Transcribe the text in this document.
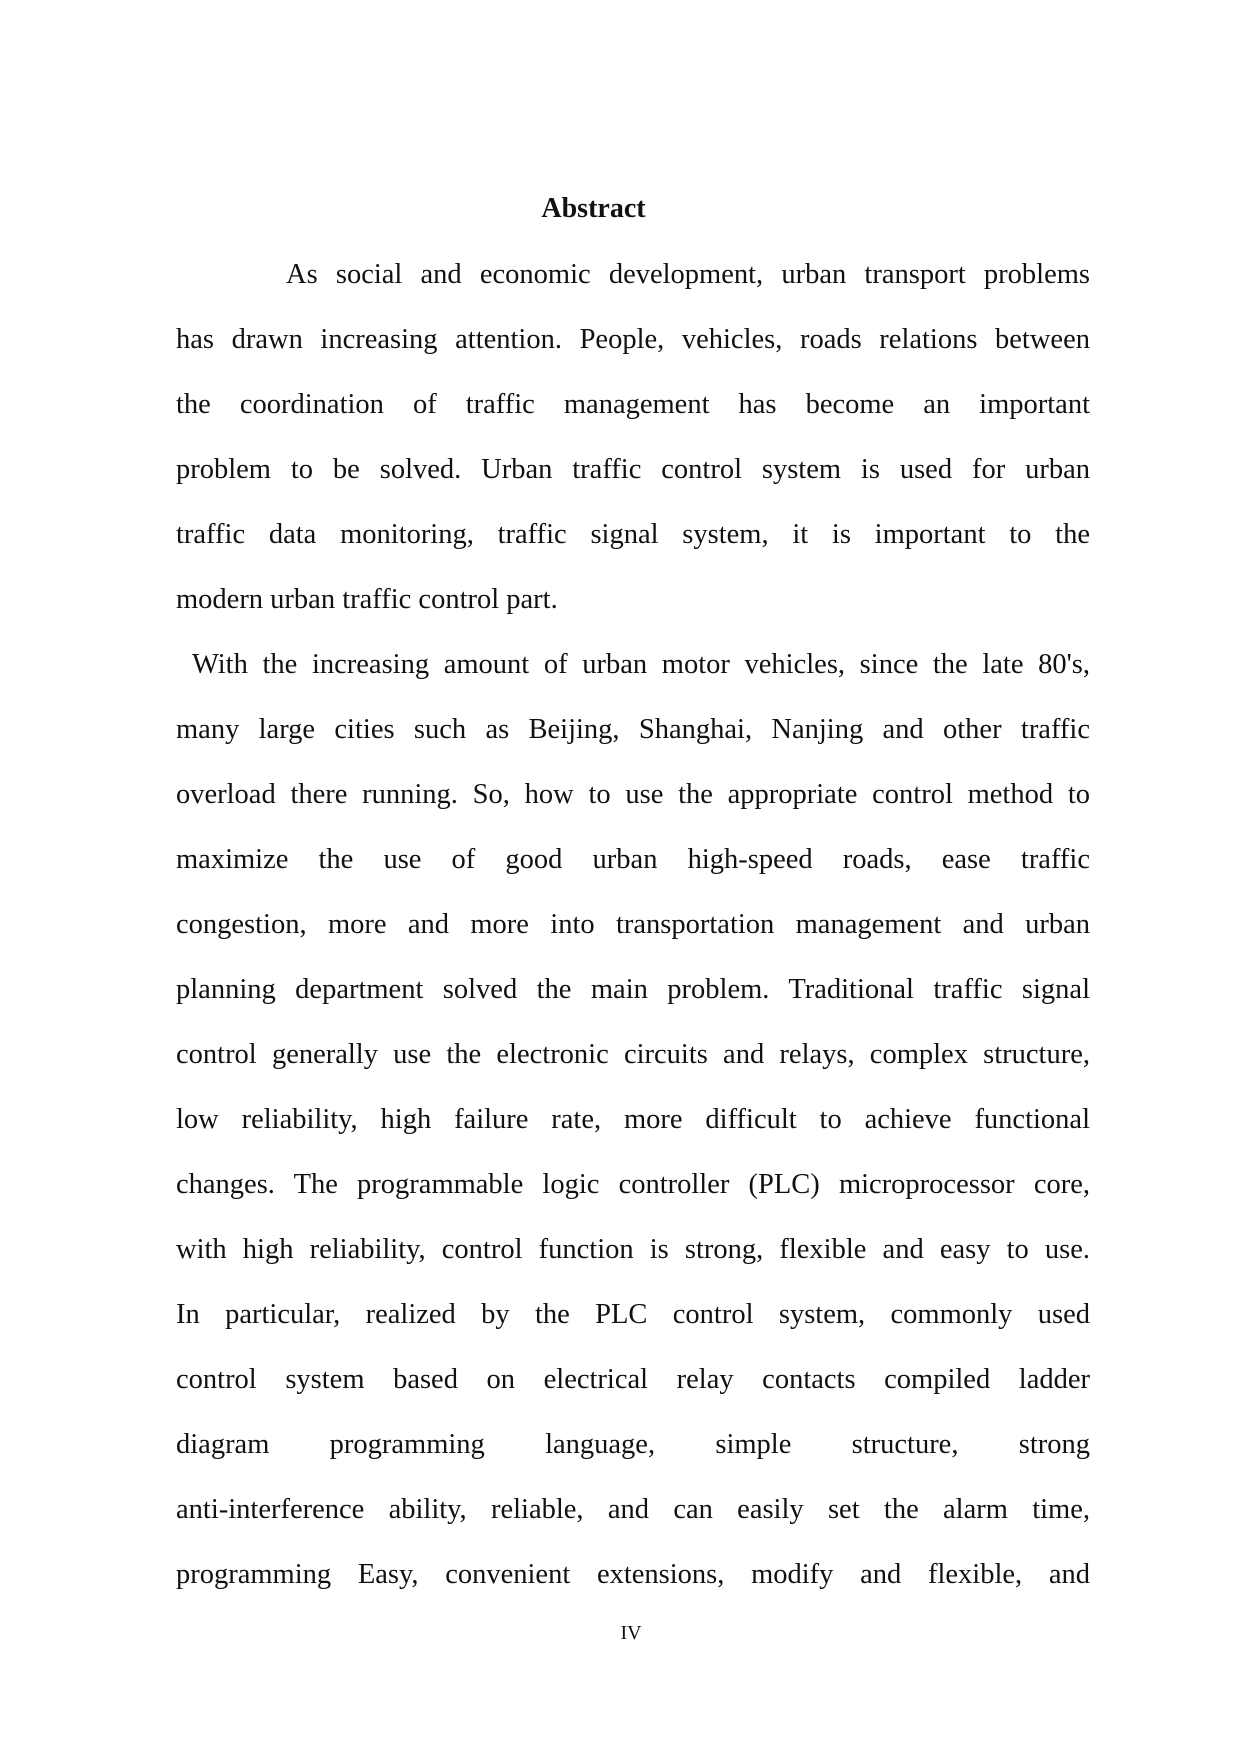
Abstract
As social and economic development, urban transport problems
has drawn increasing attention. People, vehicles, roads relations between
the coordination of traffic management has become an important
problem to be solved. Urban traffic control system is used for urban
traffic data monitoring, traffic signal system, it is important to the
modern urban traffic control part.
With the increasing amount of urban motor vehicles, since the late 80's,
many large cities such as Beijing, Shanghai, Nanjing and other traffic
overload there running. So, how to use the appropriate control method to
maximize the use of good urban high-speed roads, ease traffic
congestion, more and more into transportation management and urban
planning department solved the main problem. Traditional traffic signal
control generally use the electronic circuits and relays, complex structure,
low reliability, high failure rate, more difficult to achieve functional
changes. The programmable logic controller (PLC) microprocessor core,
with high reliability, control function is strong, flexible and easy to use.
In particular, realized by the PLC control system, commonly used
control system based on electrical relay contacts compiled ladder
diagram programming language, simple structure, strong
anti-interference ability, reliable, and can easily set the alarm time,
programming Easy, convenient extensions, modify and flexible, and
IV
